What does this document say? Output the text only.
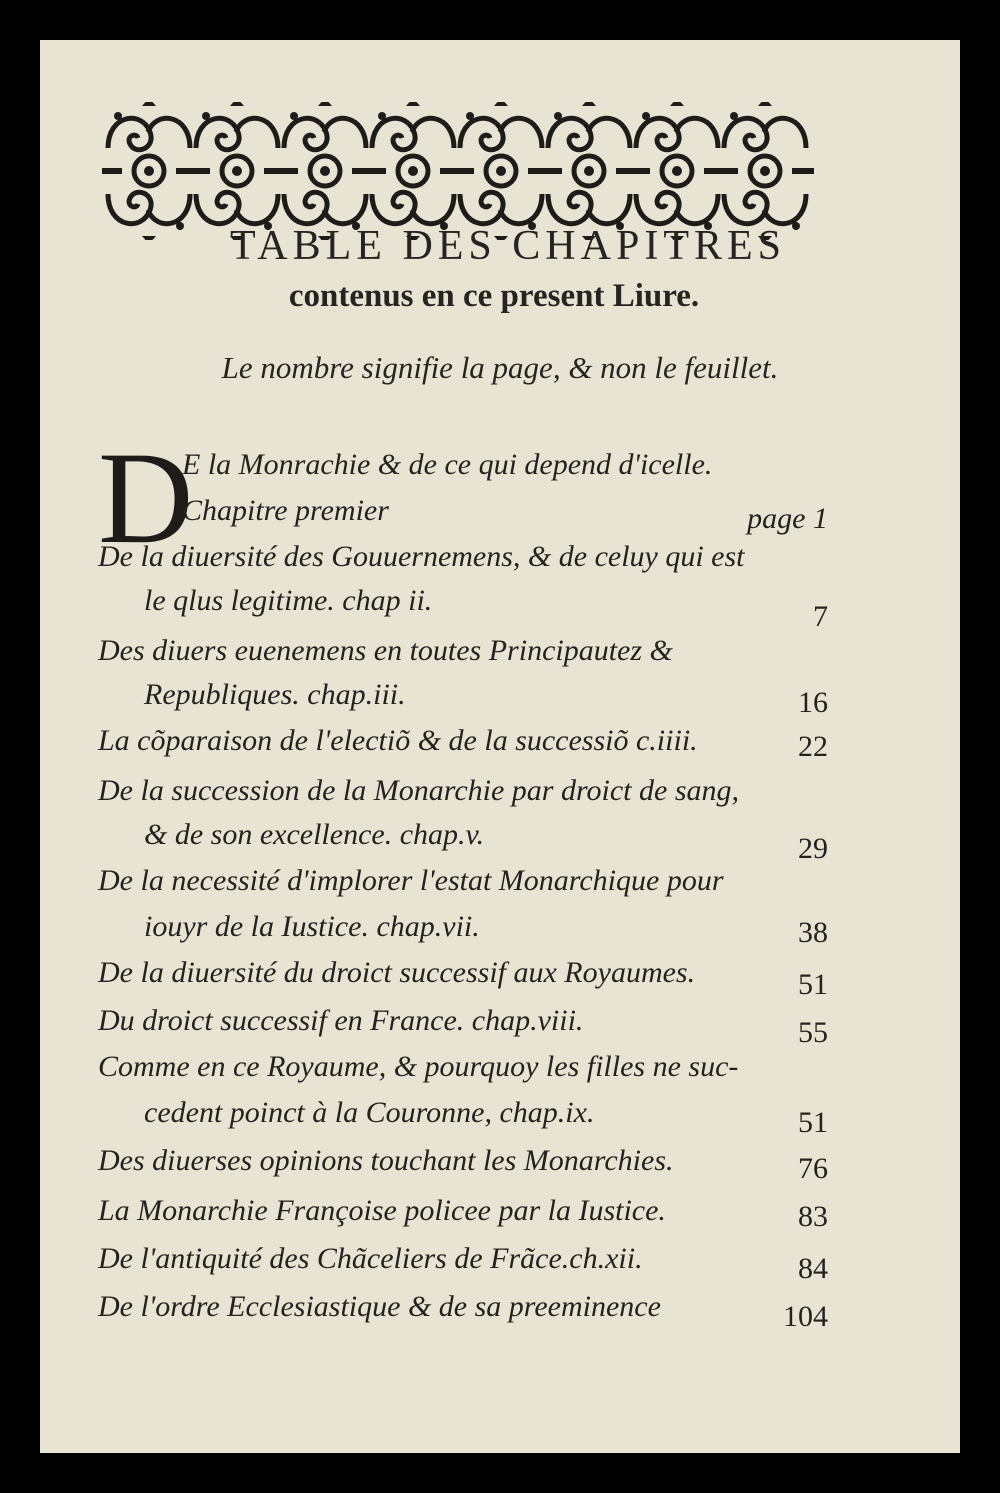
TABLE DES CHAPITRES
contenus en ce present Liure.

Le nombre signifie la page, & non le feuillet.

D
E la Monrachie & de ce qui depend d'icelle.
Chapitre premier	page 1
De la diuersité des Gouuernemens, & de celuy qui est
le qlus legitime. chap ii.	7
Des diuers euenemens en toutes Principautez &
Republiques. chap.iii.	16
La cõparaison de l'electiõ & de la successiõ c.iiii.	22
De la succession de la Monarchie par droict de sang,
& de son excellence. chap.v.	29
De la necessité d'implorer l'estat Monarchique pour
iouyr de la Iustice. chap.vii.	38
De la diuersité du droict successif aux Royaumes.	51
Du droict successif en France. chap.viii.	55
Comme en ce Royaume, & pourquoy les filles ne suc-
cedent poinct à la Couronne, chap.ix.	51
Des diuerses opinions touchant les Monarchies.	76
La Monarchie Françoise policee par la Iustice.	83
De l'antiquité des Chãceliers de Frãce.ch.xii.	84
De l'ordre Ecclesiastique & de sa preeminence	104
